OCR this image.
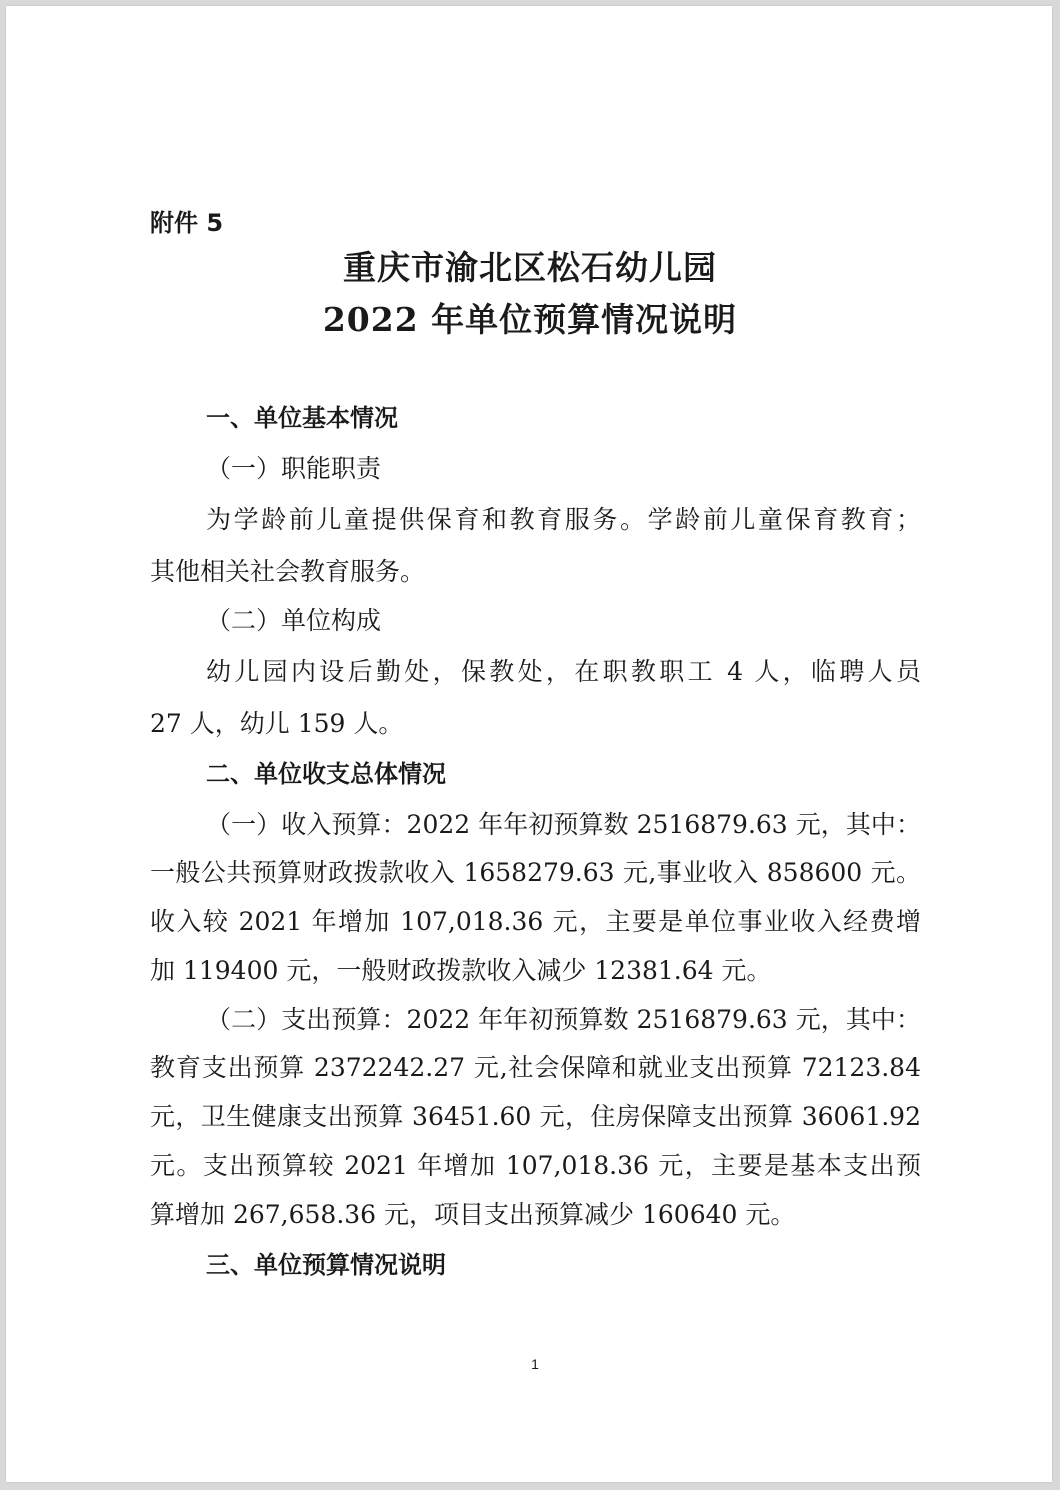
附件 5
重庆市渝北区松石幼儿园
2022 年单位预算情况说明
一、单位基本情况
（一）职能职责
为学龄前儿童提供保育和教育服务。学龄前儿童保育教育；
其他相关社会教育服务。
（二）单位构成
幼儿园内设后勤处，保教处，在职教职工 4 人，临聘人员
27 人，幼儿 159 人。
二、单位收支总体情况
（一）收入预算：2022 年年初预算数 2516879.63 元，其中：
一般公共预算财政拨款收入 1658279.63 元,事业收入 858600 元。
收入较 2021 年增加 107,018.36 元，主要是单位事业收入经费增
加 119400 元，一般财政拨款收入减少 12381.64 元。
（二）支出预算：2022 年年初预算数 2516879.63 元，其中：
教育支出预算 2372242.27 元,社会保障和就业支出预算 72123.84
元，卫生健康支出预算 36451.60 元，住房保障支出预算 36061.92
元。支出预算较 2021 年增加 107,018.36 元，主要是基本支出预
算增加 267,658.36 元，项目支出预算减少 160640 元。
三、单位预算情况说明
1
